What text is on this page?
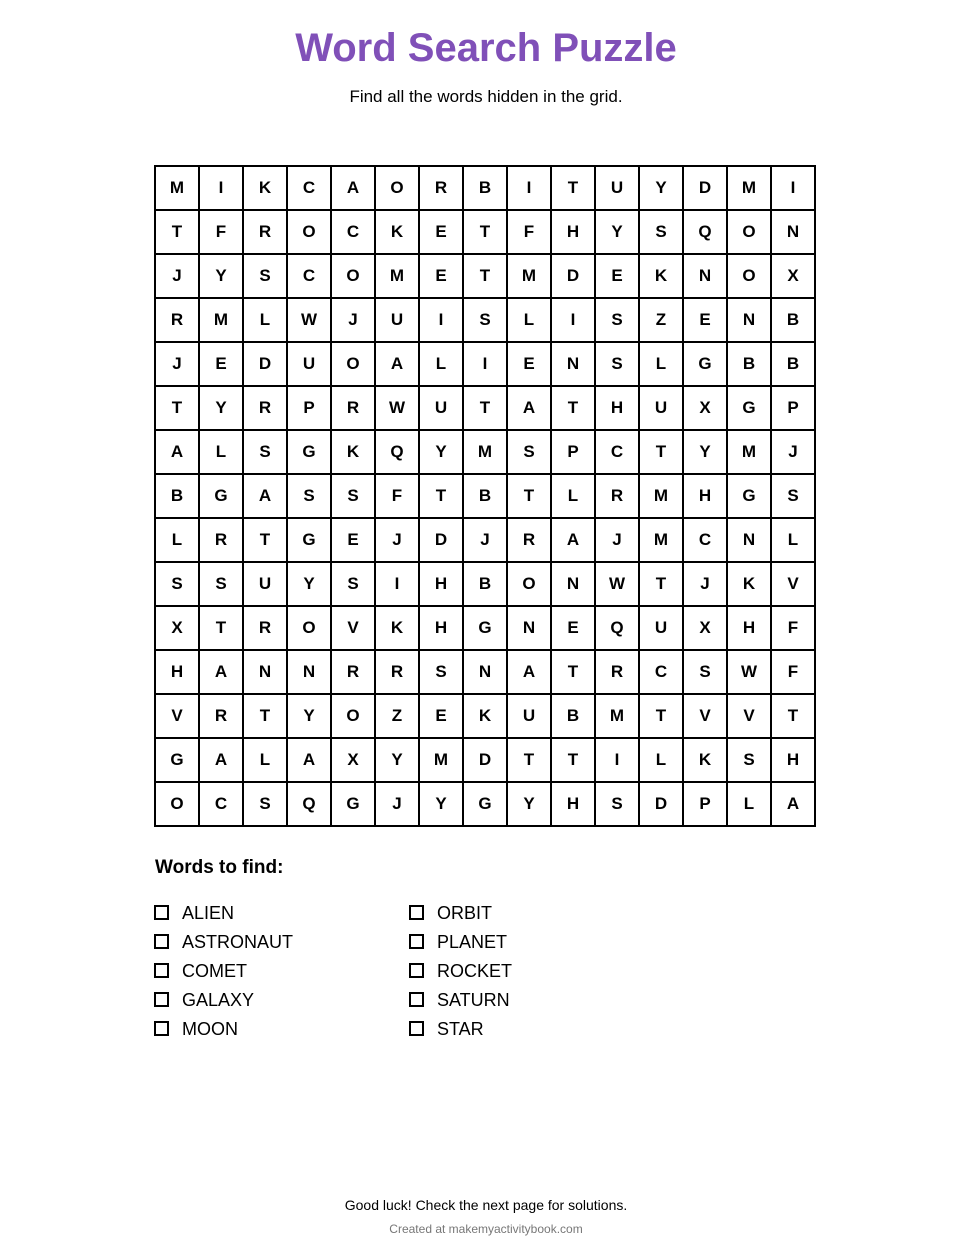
Word Search Puzzle
Find all the words hidden in the grid.
M	I	K	C	A	O	R	B	I	T	U	Y	D	M	I
T	F	R	O	C	K	E	T	F	H	Y	S	Q	O	N
J	Y	S	C	O	M	E	T	M	D	E	K	N	O	X
R	M	L	W	J	U	I	S	L	I	S	Z	E	N	B
J	E	D	U	O	A	L	I	E	N	S	L	G	B	B
T	Y	R	P	R	W	U	T	A	T	H	U	X	G	P
A	L	S	G	K	Q	Y	M	S	P	C	T	Y	M	J
B	G	A	S	S	F	T	B	T	L	R	M	H	G	S
L	R	T	G	E	J	D	J	R	A	J	M	C	N	L
S	S	U	Y	S	I	H	B	O	N	W	T	J	K	V
X	T	R	O	V	K	H	G	N	E	Q	U	X	H	F
H	A	N	N	R	R	S	N	A	T	R	C	S	W	F
V	R	T	Y	O	Z	E	K	U	B	M	T	V	V	T
G	A	L	A	X	Y	M	D	T	T	I	L	K	S	H
O	C	S	Q	G	J	Y	G	Y	H	S	D	P	L	A
Words to find:
ALIEN
ASTRONAUT
COMET
GALAXY
MOON
ORBIT
PLANET
ROCKET
SATURN
STAR
Good luck! Check the next page for solutions.
Created at makemyactivitybook.com
